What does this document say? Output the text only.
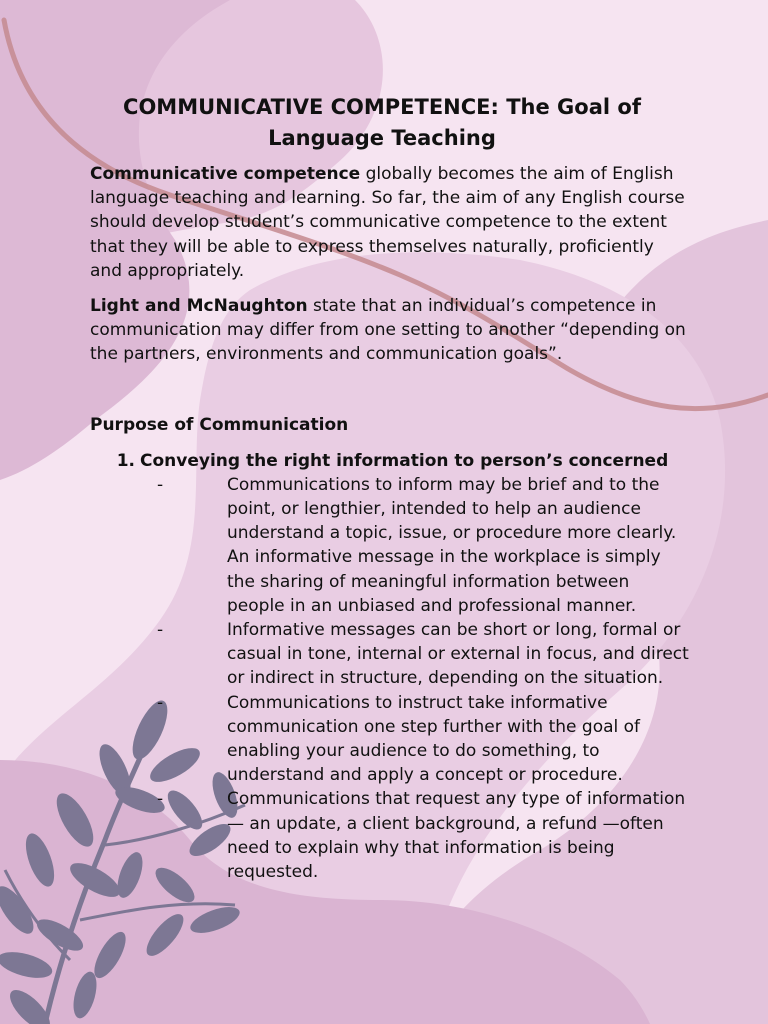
COMMUNICATIVE COMPETENCE: The Goal of Language Teaching

Communicative competence globally becomes the aim of English language teaching and learning. So far, the aim of any English course should develop student’s communicative competence to the extent that they will be able to express themselves naturally, proficiently and appropriately.

Light and McNaughton state that an individual’s competence in communication may differ from one setting to another “depending on the partners, environments and communication goals”.

Purpose of Communication
1. Conveying the right information to person’s concerned
-	Communications to inform may be brief and to the point, or lengthier, intended to help an audience understand a topic, issue, or procedure more clearly. An informative message in the workplace is simply the sharing of meaningful information between people in an unbiased and professional manner.
-	Informative messages can be short or long, formal or casual in tone, internal or external in focus, and direct or indirect in structure, depending on the situation.
-	Communications to instruct take informative communication one step further with the goal of enabling your audience to do something, to understand and apply a concept or procedure.
-	Communications that request any type of information — an update, a client background, a refund —often need to explain why that information is being requested.
